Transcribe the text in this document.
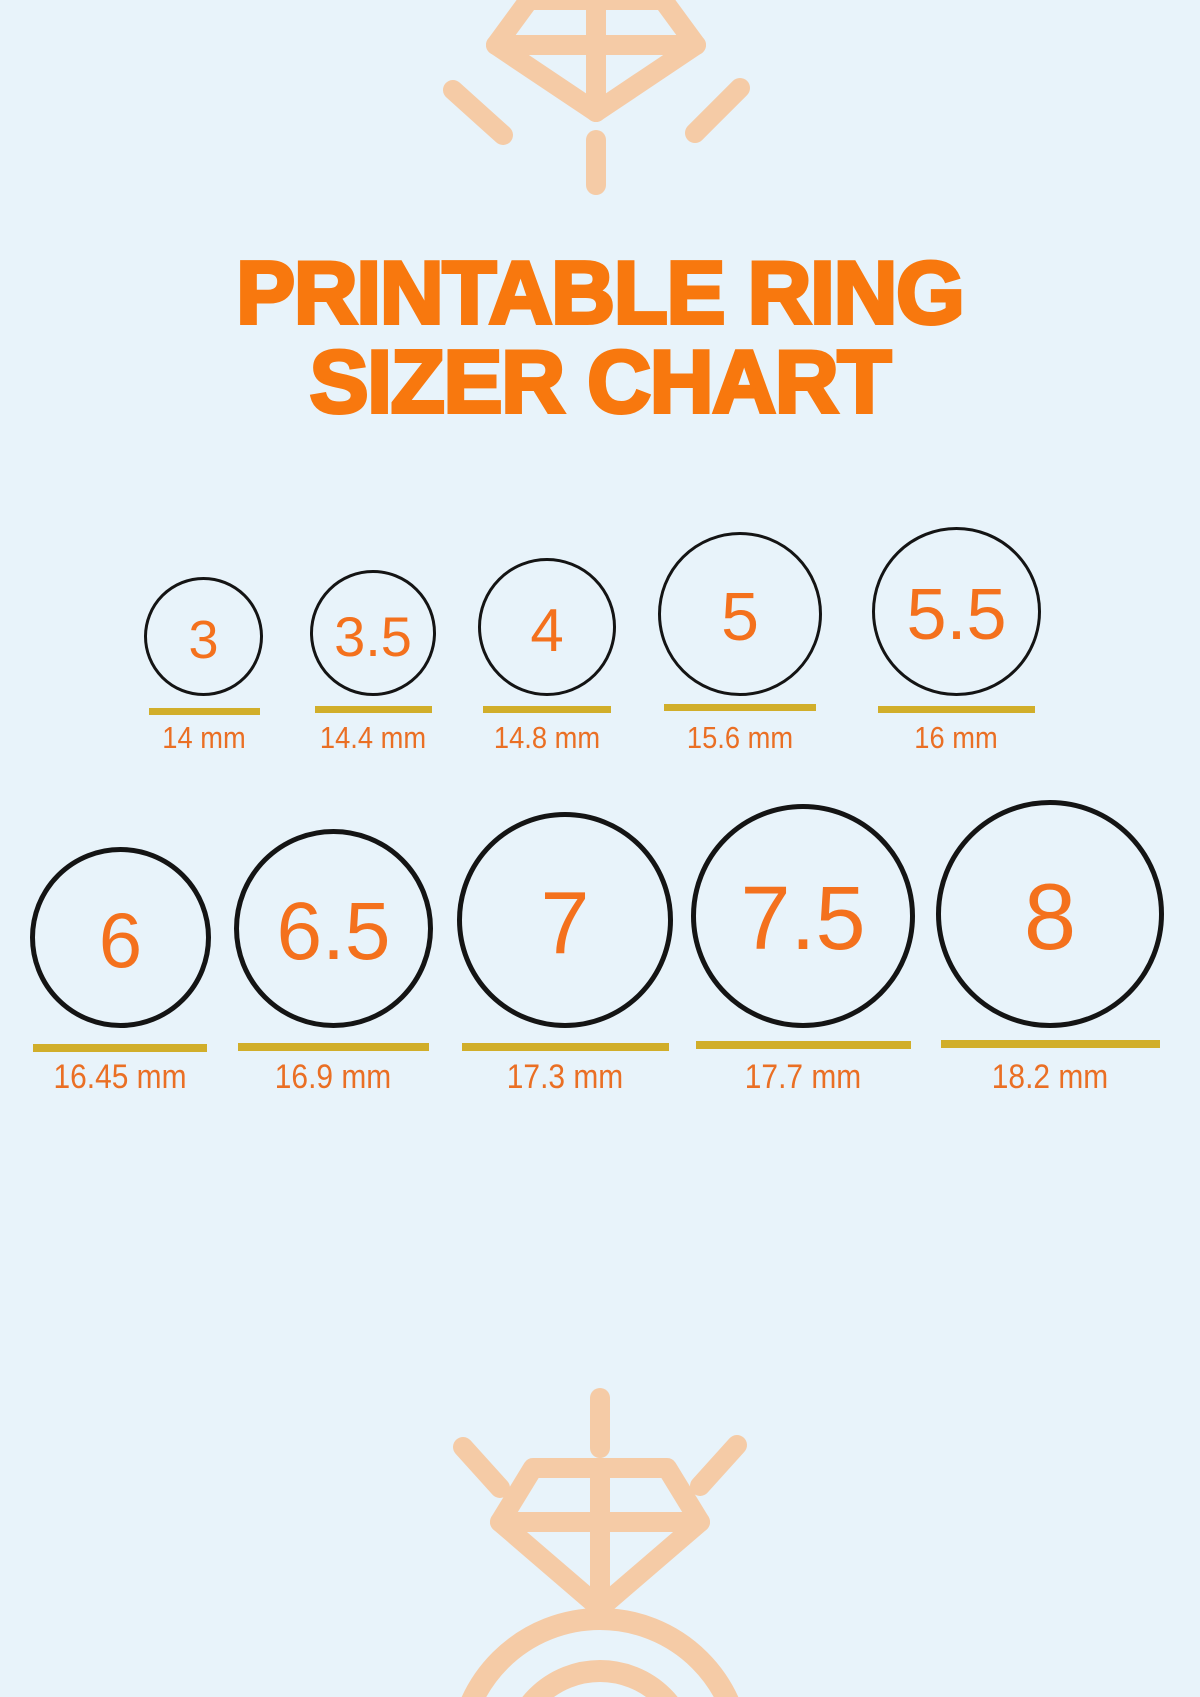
PRINTABLE RING
SIZER CHART
3 3.5 4 5 5.5
14 mm	14.4 mm	14.8 mm	15.6 mm	16 mm
6 6.5 7 7.5 8
16.45 mm	16.9 mm	17.3 mm	17.7 mm	18.2 mm
